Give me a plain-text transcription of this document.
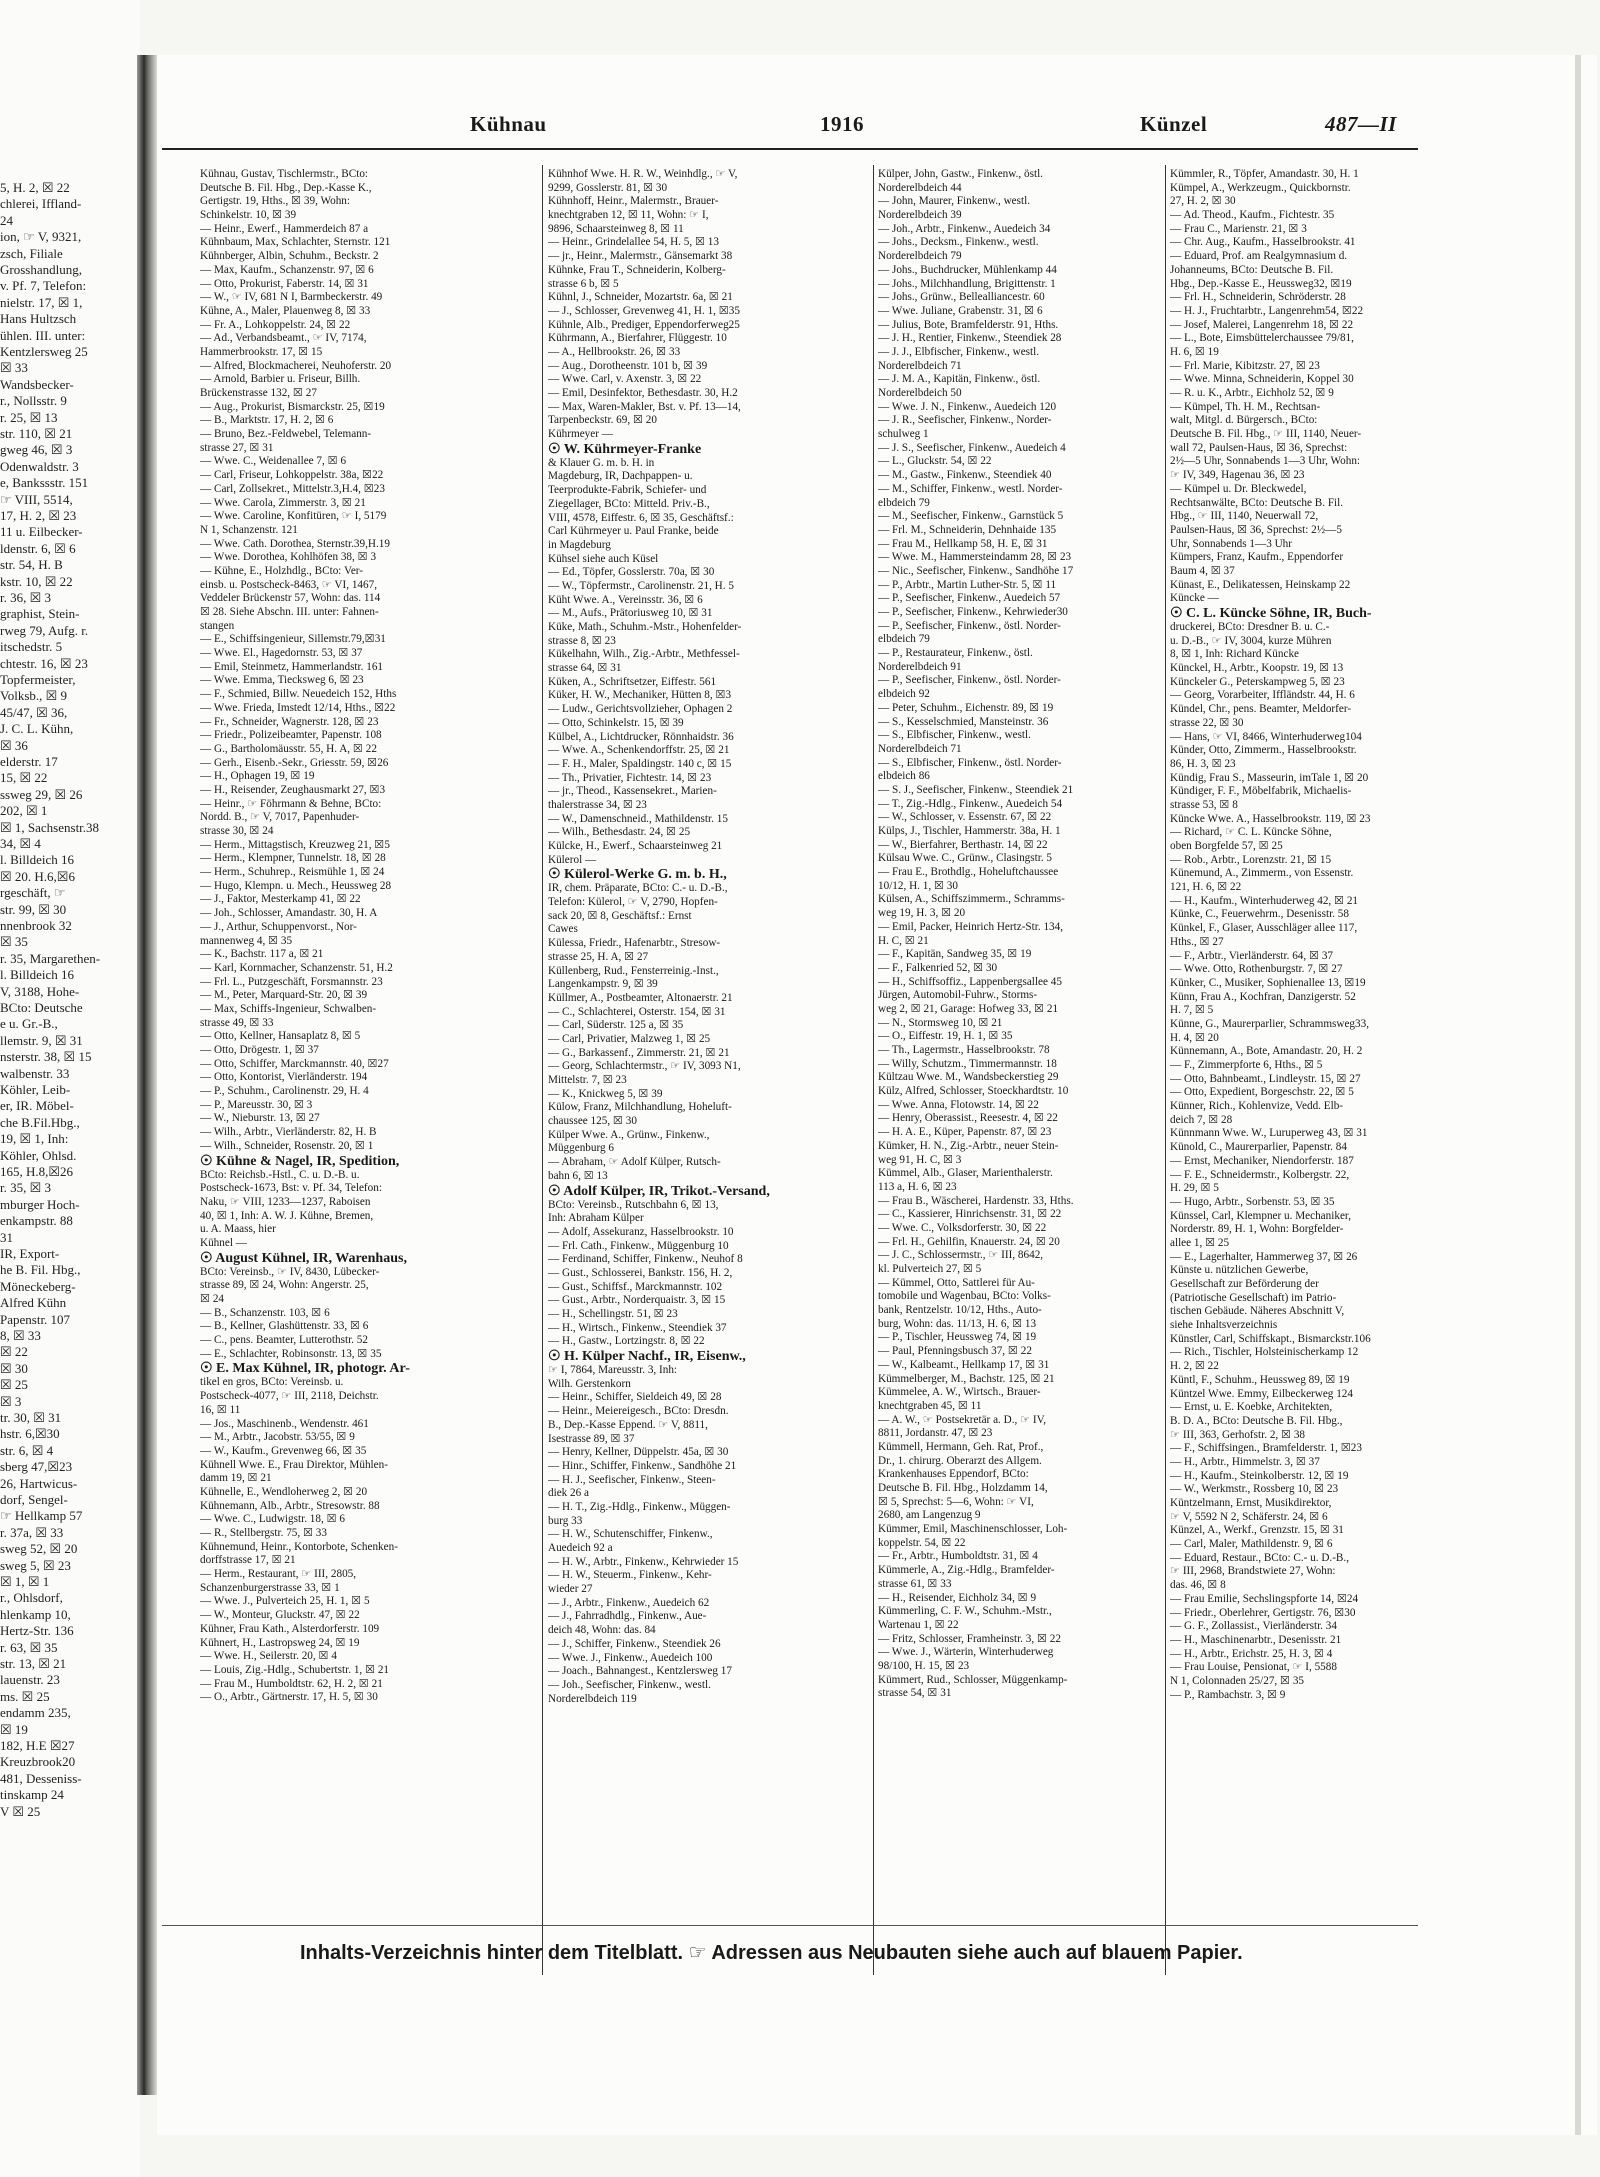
5, H. 2, ☒ 22
chlerei, Iffland-
24
ion, ☞ V, 9321,
zsch, Filiale
Grosshandlung,
v. Pf. 7, Telefon:
nielstr. 17, ☒ 1,
Hans Hultzsch
ühlen. III. unter:
Kentzlersweg 25
☒ 33
Wandsbecker-
r., Nollsstr. 9
r. 25, ☒ 13
str. 110, ☒ 21
gweg 46, ☒ 3
Odenwaldstr. 3
e, Bankssstr. 151
☞ VIII, 5514,
17, H. 2, ☒ 23
11 u. Eilbecker-
ldenstr. 6, ☒ 6
str. 54, H. B
kstr. 10, ☒ 22
r. 36, ☒ 3
graphist, Stein-
rweg 79, Aufg. r.
itschedstr. 5
chtestr. 16, ☒ 23
Topfermeister,
Volksb., ☒ 9
45/47, ☒ 36,
J. C. L. Kühn,
☒ 36
elderstr. 17
15, ☒ 22
ssweg 29, ☒ 26
202, ☒ 1
☒ 1, Sachsenstr.38
34, ☒ 4
l. Billdeich 16
☒ 20. H.6,☒6
rgeschäft, ☞
str. 99, ☒ 30
nnenbrook 32
☒ 35
r. 35, Margarethen-
l. Billdeich 16
V, 3188, Hohe-
BCto: Deutsche
e u. Gr.-B.,
llemstr. 9, ☒ 31
nsterstr. 38, ☒ 15
walbenstr. 33
Köhler, Leib-
er, IR. Möbel-
che B.Fil.Hbg.,
19, ☒ 1, Inh:
Köhler, Ohlsd.
165, H.8,☒26
r. 35, ☒ 3
mburger Hoch-
enkampstr. 88
31
IR, Export-
he B. Fil. Hbg.,
Möneckeberg-
Alfred Kühn
Papenstr. 107
8, ☒ 33
☒ 22
☒ 30
☒ 25
☒ 3
tr. 30, ☒ 31
hstr. 6,☒30
str. 6, ☒ 4
sberg 47,☒23
26, Hartwicus-
dorf, Sengel-
☞ Hellkamp 57
r. 37a, ☒ 33
sweg 52, ☒ 20
sweg 5, ☒ 23
☒ 1, ☒ 1
r., Ohlsdorf,
hlenkamp 10,
Hertz-Str. 136
r. 63, ☒ 35
str. 13, ☒ 21
lauenstr. 23
ms. ☒ 25
endamm 235,
☒ 19
182, H.E ☒27
Kreuzbrook20
481, Desseniss-
tinskamp 24
V ☒ 25
Kühnau	1916	Künzel	487—II
Kühnau, Gustav, Tischlermstr., BCto:
Deutsche B. Fil. Hbg., Dep.-Kasse K.,
Gertigstr. 19, Hths., ☒ 39, Wohn:
Schinkelstr. 10, ☒ 39
— Heinr., Ewerf., Hammerdeich 87 a
Kühnbaum, Max, Schlachter, Sternstr. 121
Kühnberger, Albin, Schuhm., Beckstr. 2
— Max, Kaufm., Schanzenstr. 97, ☒ 6
— Otto, Prokurist, Faberstr. 14, ☒ 31
— W., ☞ IV, 681 N I, Barmbeckerstr. 49
Kühne, A., Maler, Plauenweg 8, ☒ 33
— Fr. A., Lohkoppelstr. 24, ☒ 22
— Ad., Verbandsbeamt., ☞ IV, 7174,
Hammerbrookstr. 17, ☒ 15
— Alfred, Blockmacherei, Neuhoferstr. 20
— Arnold, Barbier u. Friseur, Billh.
Brückenstrasse 132, ☒ 27
— Aug., Prokurist, Bismarckstr. 25, ☒19
— B., Marktstr. 17, H. 2, ☒ 6
— Bruno, Bez.-Feldwebel, Telemann-
strasse 27, ☒ 31
— Wwe. C., Weidenallee 7, ☒ 6
— Carl, Friseur, Lohkoppelstr. 38a, ☒22
— Carl, Zollsekret., Mittelstr.3,H.4, ☒23
— Wwe. Carola, Zimmerstr. 3, ☒ 21
— Wwe. Caroline, Konfitüren, ☞ I, 5179
N 1, Schanzenstr. 121
— Wwe. Cath. Dorothea, Sternstr.39,H.19
— Wwe. Dorothea, Kohlhöfen 38, ☒ 3
— Kühne, E., Holzhdlg., BCto: Ver-
einsb. u. Postscheck-8463, ☞ VI, 1467,
Veddeler Brückenstr 57, Wohn: das. 114
☒ 28. Siehe Abschn. III. unter: Fahnen-
stangen
— E., Schiffsingenieur, Sillemstr.79,☒31
— Wwe. El., Hagedornstr. 53, ☒ 37
— Emil, Steinmetz, Hammerlandstr. 161
— Wwe. Emma, Tiecksweg 6, ☒ 23
— F., Schmied, Billw. Neuedeich 152, Hths
— Wwe. Frieda, Imstedt 12/14, Hths., ☒22
— Fr., Schneider, Wagnerstr. 128, ☒ 23
— Friedr., Polizeibeamter, Papenstr. 108
— G., Bartholomäusstr. 55, H. A, ☒ 22
— Gerh., Eisenb.-Sekr., Griesstr. 59, ☒26
— H., Ophagen 19, ☒ 19
— H., Reisender, Zeughausmarkt 27, ☒3
— Heinr., ☞ Föhrmann & Behne, BCto:
Nordd. B., ☞ V, 7017, Papenhuder-
strasse 30, ☒ 24
— Herm., Mittagstisch, Kreuzweg 21, ☒5
— Herm., Klempner, Tunnelstr. 18, ☒ 28
— Herm., Schuhrep., Reismühle 1, ☒ 24
— Hugo, Klempn. u. Mech., Heussweg 28
— J., Faktor, Mesterkamp 41, ☒ 22
— Joh., Schlosser, Amandastr. 30, H. A
— J., Arthur, Schuppenvorst., Nor-
mannenweg 4, ☒ 35
— K., Bachstr. 117 a, ☒ 21
— Karl, Kornmacher, Schanzenstr. 51, H.2
— Frl. L., Putzgeschäft, Forsmannstr. 23
— M., Peter, Marquard-Str. 20, ☒ 39
— Max, Schiffs-Ingenieur, Schwalben-
strasse 49, ☒ 33
— Otto, Kellner, Hansaplatz 8, ☒ 5
— Otto, Drögestr. 1, ☒ 37
— Otto, Schiffer, Marckmannstr. 40, ☒27
— Otto, Kontorist, Vierländerstr. 194
— P., Schuhm., Carolinenstr. 29, H. 4
— P., Mareusstr. 30, ☒ 3
— W., Nieburstr. 13, ☒ 27
— Wilh., Arbtr., Vierländerstr. 82, H. B
— Wilh., Schneider, Rosenstr. 20, ☒ 1
☉ Kühne & Nagel, IR, Spedition,
BCto: Reichsb.-Hstl., C. u. D.-B. u.
Postscheck-1673, Bst: v. Pf. 34, Telefon:
Naku, ☞ VIII, 1233—1237, Raboisen
40, ☒ 1, Inh: A. W. J. Kühne, Bremen,
u. A. Maass, hier
Kühnel —
☉ August Kühnel, IR, Warenhaus,
BCto: Vereinsb., ☞ IV, 8430, Lübecker-
strasse 89, ☒ 24, Wohn: Angerstr. 25,
☒ 24
— B., Schanzenstr. 103, ☒ 6
— B., Kellner, Glashüttenstr. 33, ☒ 6
— C., pens. Beamter, Lutterothstr. 52
— E., Schlachter, Robinsonstr. 13, ☒ 35
☉ E. Max Kühnel, IR, photogr. Ar-
tikel en gros, BCto: Vereinsb. u.
Postscheck-4077, ☞ III, 2118, Deichstr.
16, ☒ 11
— Jos., Maschinenb., Wendenstr. 461
— M., Arbtr., Jacobstr. 53/55, ☒ 9
— W., Kaufm., Grevenweg 66, ☒ 35
Kühnell Wwe. E., Frau Direktor, Mühlen-
damm 19, ☒ 21
Kühnelle, E., Wendloherweg 2, ☒ 20
Kühnemann, Alb., Arbtr., Stresowstr. 88
— Wwe. C., Ludwigstr. 18, ☒ 6
— R., Stellbergstr. 75, ☒ 33
Kühnemund, Heinr., Kontorbote, Schenken-
dorffstrasse 17, ☒ 21
— Herm., Restaurant, ☞ III, 2805,
Schanzenburgerstrasse 33, ☒ 1
— Wwe. J., Pulverteich 25, H. 1, ☒ 5
— W., Monteur, Gluckstr. 47, ☒ 22
Kühner, Frau Kath., Alsterdorferstr. 109
Kühnert, H., Lastropsweg 24, ☒ 19
— Wwe. H., Seilerstr. 20, ☒ 4
— Louis, Zig.-Hdlg., Schubertstr. 1, ☒ 21
— Frau M., Humboldtstr. 62, H. 2, ☒ 21
— O., Arbtr., Gärtnerstr. 17, H. 5, ☒ 30
Kühnhof Wwe. H. R. W., Weinhdlg., ☞ V,
9299, Gosslerstr. 81, ☒ 30
Kühnhoff, Heinr., Malermstr., Brauer-
knechtgraben 12, ☒ 11, Wohn: ☞ I,
9896, Schaarsteinweg 8, ☒ 11
— Heinr., Grindelallee 54, H. 5, ☒ 13
— jr., Heinr., Malermstr., Gänsemarkt 38
Kühnke, Frau T., Schneiderin, Kolberg-
strasse 6 b, ☒ 5
Kühnl, J., Schneider, Mozartstr. 6a, ☒ 21
— J., Schlosser, Grevenweg 41, H. 1, ☒35
Kühnle, Alb., Prediger, Eppendorferweg25
Kührmann, A., Bierfahrer, Flüggestr. 10
— A., Hellbrookstr. 26, ☒ 33
— Aug., Dorotheenstr. 101 b, ☒ 39
— Wwe. Carl, v. Axenstr. 3, ☒ 22
— Emil, Desinfektor, Bethesdastr. 30, H.2
— Max, Waren-Makler, Bst. v. Pf. 13—14,
Tarpenbeckstr. 69, ☒ 20
Kührmeyer —
☉ W. Kührmeyer-Franke
& Klauer G. m. b. H. in
Magdeburg, IR, Dachpappen- u.
Teerprodukte-Fabrik, Schiefer- und
Ziegellager, BCto: Mitteld. Priv.-B.,
VIII, 4578, Eiffestr. 6, ☒ 35, Geschäftsf.:
Carl Kührmeyer u. Paul Franke, beide
in Magdeburg
Kühsel siehe auch Küsel
— Ed., Töpfer, Gosslerstr. 70a, ☒ 30
— W., Töpfermstr., Carolinenstr. 21, H. 5
Küht Wwe. A., Vereinsstr. 36, ☒ 6
— M., Aufs., Prätoriusweg 10, ☒ 31
Küke, Math., Schuhm.-Mstr., Hohenfelder-
strasse 8, ☒ 23
Kükelhahn, Wilh., Zig.-Arbtr., Methfessel-
strasse 64, ☒ 31
Küken, A., Schriftsetzer, Eiffestr. 561
Küker, H. W., Mechaniker, Hütten 8, ☒3
— Ludw., Gerichtsvollzieher, Ophagen 2
— Otto, Schinkelstr. 15, ☒ 39
Külbel, A., Lichtdrucker, Rönnhaidstr. 36
— Wwe. A., Schenkendorffstr. 25, ☒ 21
— F. H., Maler, Spaldingstr. 140 c, ☒ 15
— Th., Privatier, Fichtestr. 14, ☒ 23
— jr., Theod., Kassensekret., Marien-
thalerstrasse 34, ☒ 23
— W., Damenschneid., Mathildenstr. 15
— Wilh., Bethesdastr. 24, ☒ 25
Külcke, H., Ewerf., Schaarsteinweg 21
Külerol —
☉ Külerol-Werke G. m. b. H.,
IR, chem. Präparate, BCto: C.- u. D.-B.,
Telefon: Külerol, ☞ V, 2790, Hopfen-
sack 20, ☒ 8, Geschäftsf.: Ernst
Cawes
Külessa, Friedr., Hafenarbtr., Stresow-
strasse 25, H. A, ☒ 27
Küllenberg, Rud., Fensterreinig.-Inst.,
Langenkampstr. 9, ☒ 39
Küllmer, A., Postbeamter, Altonaerstr. 21
— C., Schlachterei, Osterstr. 154, ☒ 31
— Carl, Süderstr. 125 a, ☒ 35
— Carl, Privatier, Malzweg 1, ☒ 25
— G., Barkassenf., Zimmerstr. 21, ☒ 21
— Georg, Schlachtermstr., ☞ IV, 3093 N1,
Mittelstr. 7, ☒ 23
— K., Knickweg 5, ☒ 39
Külow, Franz, Milchhandlung, Hoheluft-
chaussee 125, ☒ 30
Külper Wwe. A., Grünw., Finkenw.,
Müggenburg 6
— Abraham, ☞ Adolf Külper, Rutsch-
bahn 6, ☒ 13
☉ Adolf Külper, IR, Trikot.-Versand,
BCto: Vereinsb., Rutschbahn 6, ☒ 13,
Inh: Abraham Külper
— Adolf, Assekuranz, Hasselbrookstr. 10
— Frl. Cath., Finkenw., Müggenburg 10
— Ferdinand, Schiffer, Finkenw., Neuhof 8
— Gust., Schlosserei, Bankstr. 156, H. 2,
— Gust., Schiffsf., Marckmannstr. 102
— Gust., Arbtr., Norderquaistr. 3, ☒ 15
— H., Schellingstr. 51, ☒ 23
— H., Wirtsch., Finkenw., Steendiek 37
— H., Gastw., Lortzingstr. 8, ☒ 22
☉ H. Külper Nachf., IR, Eisenw.,
☞ I, 7864, Mareusstr. 3, Inh:
Wilh. Gerstenkorn
— Heinr., Schiffer, Sieldeich 49, ☒ 28
— Heinr., Meiereigesch., BCto: Dresdn.
B., Dep.-Kasse Eppend. ☞ V, 8811,
Isestrasse 89, ☒ 37
— Henry, Kellner, Düppelstr. 45a, ☒ 30
— Hinr., Schiffer, Finkenw., Sandhöhe 21
— H. J., Seefischer, Finkenw., Steen-
diek 26 a
— H. T., Zig.-Hdlg., Finkenw., Müggen-
burg 33
— H. W., Schutenschiffer, Finkenw.,
Auedeich 92 a
— H. W., Arbtr., Finkenw., Kehrwieder 15
— H. W., Steuerm., Finkenw., Kehr-
wieder 27
— J., Arbtr., Finkenw., Auedeich 62
— J., Fahrradhdlg., Finkenw., Aue-
deich 48, Wohn: das. 84
— J., Schiffer, Finkenw., Steendiek 26
— Wwe. J., Finkenw., Auedeich 100
— Joach., Bahnangest., Kentzlersweg 17
— Joh., Seefischer, Finkenw., westl.
Norderelbdeich 119
Külper, John, Gastw., Finkenw., östl.
Norderelbdeich 44
— John, Maurer, Finkenw., westl.
Norderelbdeich 39
— Joh., Arbtr., Finkenw., Auedeich 34
— Johs., Decksm., Finkenw., westl.
Norderelbdeich 79
— Johs., Buchdrucker, Mühlenkamp 44
— Johs., Milchhandlung, Brigittenstr. 1
— Johs., Grünw., Bellealliancestr. 60
— Wwe. Juliane, Grabenstr. 31, ☒ 6
— Julius, Bote, Bramfelderstr. 91, Hths.
— J. H., Rentier, Finkenw., Steendiek 28
— J. J., Elbfischer, Finkenw., westl.
Norderelbdeich 71
— J. M. A., Kapitän, Finkenw., östl.
Norderelbdeich 50
— Wwe. J. N., Finkenw., Auedeich 120
— J. R., Seefischer, Finkenw., Norder-
schulweg 1
— J. S., Seefischer, Finkenw., Auedeich 4
— L., Gluckstr. 54, ☒ 22
— M., Gastw., Finkenw., Steendiek 40
— M., Schiffer, Finkenw., westl. Norder-
elbdeich 79
— M., Seefischer, Finkenw., Garnstück 5
— Frl. M., Schneiderin, Dehnhaide 135
— Frau M., Hellkamp 58, H. E, ☒ 31
— Wwe. M., Hammersteindamm 28, ☒ 23
— Nic., Seefischer, Finkenw., Sandhöhe 17
— P., Arbtr., Martin Luther-Str. 5, ☒ 11
— P., Seefischer, Finkenw., Auedeich 57
— P., Seefischer, Finkenw., Kehrwieder30
— P., Seefischer, Finkenw., östl. Norder-
elbdeich 79
— P., Restaurateur, Finkenw., östl.
Norderelbdeich 91
— P., Seefischer, Finkenw., östl. Norder-
elbdeich 92
— Peter, Schuhm., Eichenstr. 89, ☒ 19
— S., Kesselschmied, Mansteinstr. 36
— S., Elbfischer, Finkenw., westl.
Norderelbdeich 71
— S., Elbfischer, Finkenw., östl. Norder-
elbdeich 86
— S. J., Seefischer, Finkenw., Steendiek 21
— T., Zig.-Hdlg., Finkenw., Auedeich 54
— W., Schlosser, v. Essenstr. 67, ☒ 22
Külps, J., Tischler, Hammerstr. 38a, H. 1
— W., Bierfahrer, Berthastr. 14, ☒ 22
Külsau Wwe. C., Grünw., Clasingstr. 5
— Frau E., Brothdlg., Hoheluftchaussee
10/12, H. 1, ☒ 30
Külsen, A., Schiffszimmerm., Schramms-
weg 19, H. 3, ☒ 20
— Emil, Packer, Heinrich Hertz-Str. 134,
H. C, ☒ 21
— F., Kapitän, Sandweg 35, ☒ 19
— F., Falkenried 52, ☒ 30
— H., Schiffsoffiz., Lappenbergsallee 45
Jürgen, Automobil-Fuhrw., Storms-
weg 2, ☒ 21, Garage: Hofweg 33, ☒ 21
— N., Stormsweg 10, ☒ 21
— O., Eiffestr. 19, H. 1, ☒ 35
— Th., Lagermstr., Hasselbrookstr. 78
— Willy, Schutzm., Timmermannstr. 18
Kültzau Wwe. M., Wandsbeckerstieg 29
Külz, Alfred, Schlosser, Stoeckhardtstr. 10
— Wwe. Anna, Flotowstr. 14, ☒ 22
— Henry, Oberassist., Reesestr. 4, ☒ 22
— H. A. E., Küper, Papenstr. 87, ☒ 23
Kümker, H. N., Zig.-Arbtr., neuer Stein-
weg 91, H. C, ☒ 3
Kümmel, Alb., Glaser, Marienthalerstr.
113 a, H. 6, ☒ 23
— Frau B., Wäscherei, Hardenstr. 33, Hths.
— C., Kassierer, Hinrichsenstr. 31, ☒ 22
— Wwe. C., Volksdorferstr. 30, ☒ 22
— Frl. H., Gehilfin, Knauerstr. 24, ☒ 20
— J. C., Schlossermstr., ☞ III, 8642,
kl. Pulverteich 27, ☒ 5
— Kümmel, Otto, Sattlerei für Au-
tomobile und Wagenbau, BCto: Volks-
bank, Rentzelstr. 10/12, Hths., Auto-
burg, Wohn: das. 11/13, H. 6, ☒ 13
— P., Tischler, Heussweg 74, ☒ 19
— Paul, Pfenningsbusch 37, ☒ 22
— W., Kalbeamt., Hellkamp 17, ☒ 31
Kümmelberger, M., Bachstr. 125, ☒ 21
Kümmelee, A. W., Wirtsch., Brauer-
knechtgraben 45, ☒ 11
— A. W., ☞ Postsekretär a. D., ☞ IV,
8811, Jordanstr. 47, ☒ 23
Kümmell, Hermann, Geh. Rat, Prof.,
Dr., 1. chirurg. Oberarzt des Allgem.
Krankenhauses Eppendorf, BCto:
Deutsche B. Fil. Hbg., Holzdamm 14,
☒ 5, Sprechst: 5—6, Wohn: ☞ VI,
2680, am Langenzug 9
Kümmer, Emil, Maschinenschlosser, Loh-
koppelstr. 54, ☒ 22
— Fr., Arbtr., Humboldtstr. 31, ☒ 4
Kümmerle, A., Zig.-Hdlg., Bramfelder-
strasse 61, ☒ 33
— H., Reisender, Eichholz 34, ☒ 9
Kümmerling, C. F. W., Schuhm.-Mstr.,
Wartenau 1, ☒ 22
— Fritz, Schlosser, Framheinstr. 3, ☒ 22
— Wwe. J., Wärterin, Winterhuderweg
98/100, H. 15, ☒ 23
Kümmert, Rud., Schlosser, Müggenkamp-
strasse 54, ☒ 31
Kümmler, R., Töpfer, Amandastr. 30, H. 1
Kümpel, A., Werkzeugm., Quickbornstr.
27, H. 2, ☒ 30
— Ad. Theod., Kaufm., Fichtestr. 35
— Frau C., Marienstr. 21, ☒ 3
— Chr. Aug., Kaufm., Hasselbrookstr. 41
— Eduard, Prof. am Realgymnasium d.
Johanneums, BCto: Deutsche B. Fil.
Hbg., Dep.-Kasse E., Heussweg32, ☒19
— Frl. H., Schneiderin, Schröderstr. 28
— H. J., Fruchtarbtr., Langenrehm54, ☒22
— Josef, Malerei, Langenrehm 18, ☒ 22
— L., Bote, Eimsbüttelerchaussee 79/81,
H. 6, ☒ 19
— Frl. Marie, Kibitzstr. 27, ☒ 23
— Wwe. Minna, Schneiderin, Koppel 30
— R. u. K., Arbtr., Eichholz 52, ☒ 9
— Kümpel, Th. H. M., Rechtsan-
walt, Mitgl. d. Bürgersch., BCto:
Deutsche B. Fil. Hbg., ☞ III, 1140, Neuer-
wall 72, Paulsen-Haus, ☒ 36, Sprechst:
2½—5 Uhr, Sonnabends 1—3 Uhr, Wohn:
☞ IV, 349, Hagenau 36, ☒ 23
— Kümpel u. Dr. Bleckwedel,
Rechtsanwälte, BCto: Deutsche B. Fil.
Hbg., ☞ III, 1140, Neuerwall 72,
Paulsen-Haus, ☒ 36, Sprechst: 2½—5
Uhr, Sonnabends 1—3 Uhr
Kümpers, Franz, Kaufm., Eppendorfer
Baum 4, ☒ 37
Künast, E., Delikatessen, Heinskamp 22
Küncke —
☉ C. L. Küncke Söhne, IR, Buch-
druckerei, BCto: Dresdner B. u. C.-
u. D.-B., ☞ IV, 3004, kurze Mühren
8, ☒ 1, Inh: Richard Küncke
Künckel, H., Arbtr., Koopstr. 19, ☒ 13
Künckeler G., Peterskampweg 5, ☒ 23
— Georg, Vorarbeiter, Iffländstr. 44, H. 6
Kündel, Chr., pens. Beamter, Meldorfer-
strasse 22, ☒ 30
— Hans, ☞ VI, 8466, Winterhuderweg104
Künder, Otto, Zimmerm., Hasselbrookstr.
86, H. 3, ☒ 23
Kündig, Frau S., Masseurin, imTale 1, ☒ 20
Kündiger, F. F., Möbelfabrik, Michaelis-
strasse 53, ☒ 8
Küncke Wwe. A., Hasselbrookstr. 119, ☒ 23
— Richard, ☞ C. L. Küncke Söhne,
oben Borgfelde 57, ☒ 25
— Rob., Arbtr., Lorenzstr. 21, ☒ 15
Künemund, A., Zimmerm., von Essenstr.
121, H. 6, ☒ 22
— H., Kaufm., Winterhuderweg 42, ☒ 21
Künke, C., Feuerwehrm., Desenisstr. 58
Künkel, F., Glaser, Ausschläger allee 117,
Hths., ☒ 27
— F., Arbtr., Vierländerstr. 64, ☒ 37
— Wwe. Otto, Rothenburgstr. 7, ☒ 27
Künker, C., Musiker, Sophienallee 13, ☒19
Künn, Frau A., Kochfran, Danzigerstr. 52
H. 7, ☒ 5
Künne, G., Maurerparlier, Schrammsweg33,
H. 4, ☒ 20
Künnemann, A., Bote, Amandastr. 20, H. 2
— F., Zimmerpforte 6, Hths., ☒ 5
— Otto, Bahnbeamt., Lindleystr. 15, ☒ 27
— Otto, Expedient, Borgeschstr. 22, ☒ 5
Künner, Rich., Kohlenvize, Vedd. Elb-
deich 7, ☒ 28
Künnmann Wwe. W., Luruperweg 43, ☒ 31
Künold, C., Maurerparlier, Papenstr. 84
— Ernst, Mechaniker, Niendorferstr. 187
— F. E., Schneidermstr., Kolbergstr. 22,
H. 29, ☒ 5
— Hugo, Arbtr., Sorbenstr. 53, ☒ 35
Künssel, Carl, Klempner u. Mechaniker,
Norderstr. 89, H. 1, Wohn: Borgfelder-
allee 1, ☒ 25
— E., Lagerhalter, Hammerweg 37, ☒ 26
Künste u. nützlichen Gewerbe,
Gesellschaft zur Beförderung der
(Patriotische Gesellschaft) im Patrio-
tischen Gebäude. Näheres Abschnitt V,
siehe Inhaltsverzeichnis
Künstler, Carl, Schiffskapt., Bismarckstr.106
— Rich., Tischler, Holsteinischerkamp 12
H. 2, ☒ 22
Küntl, F., Schuhm., Heussweg 89, ☒ 19
Küntzel Wwe. Emmy, Eilbeckerweg 124
— Ernst, u. E. Koebke, Architekten,
B. D. A., BCto: Deutsche B. Fil. Hbg.,
☞ III, 363, Gerhofstr. 2, ☒ 38
— F., Schiffsingen., Bramfelderstr. 1, ☒23
— H., Arbtr., Himmelstr. 3, ☒ 37
— H., Kaufm., Steinkolberstr. 12, ☒ 19
— W., Werkmstr., Rossberg 10, ☒ 23
Küntzelmann, Ernst, Musikdirektor,
☞ V, 5592 N 2, Schäferstr. 24, ☒ 6
Künzel, A., Werkf., Grenzstr. 15, ☒ 31
— Carl, Maler, Mathildenstr. 9, ☒ 6
— Eduard, Restaur., BCto: C.- u. D.-B.,
☞ III, 2968, Brandstwiete 27, Wohn:
das. 46, ☒ 8
— Frau Emilie, Sechslingspforte 14, ☒24
— Friedr., Oberlehrer, Gertigstr. 76, ☒30
— G. F., Zollassist., Vierländerstr. 34
— H., Maschinenarbtr., Desenisstr. 21
— H., Arbtr., Erichstr. 25, H. 3, ☒ 4
— Frau Louise, Pensionat, ☞ I, 5588
N 1, Colonnaden 25/27, ☒ 35
— P., Rambachstr. 3, ☒ 9
Inhalts-Verzeichnis hinter dem Titelblatt. ☞ Adressen aus Neubauten siehe auch auf blauem Papier.
